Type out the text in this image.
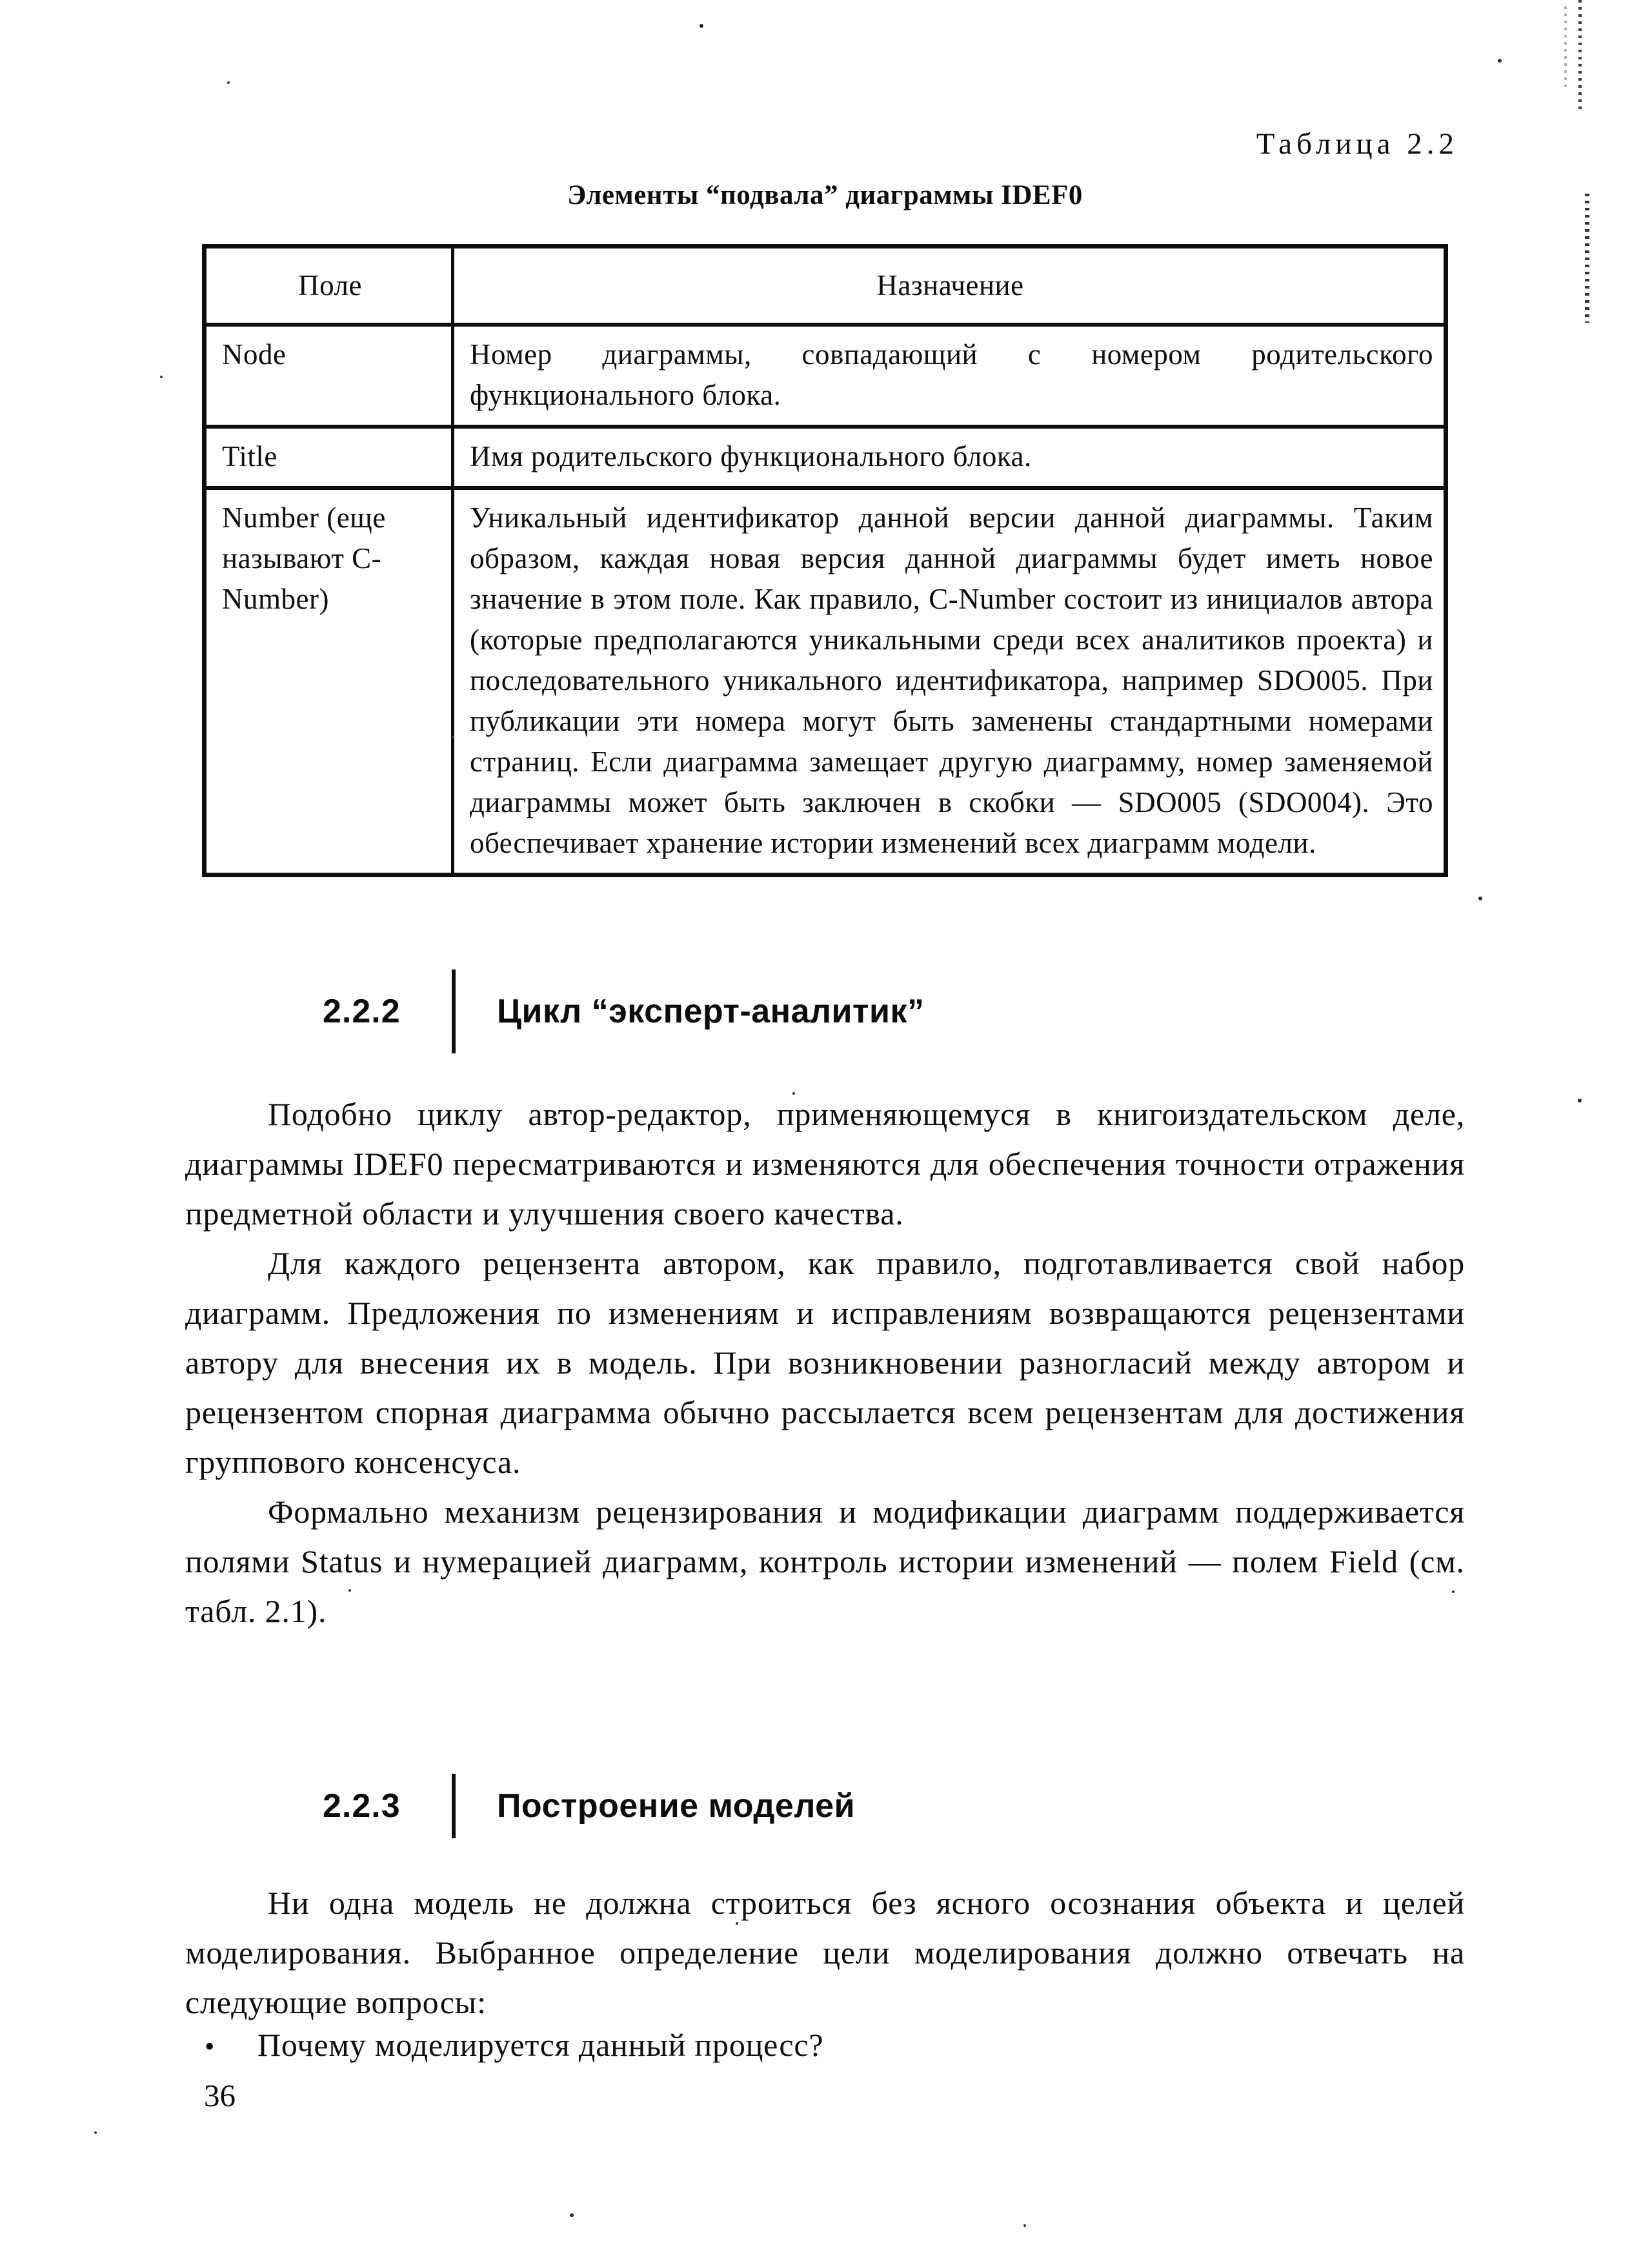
Таблица 2.2
Элементы “подвала” диаграммы IDEF0
Поле	Назначение
Node	Номер диаграммы, совпадающий с номером родительского функционального блока.
Title	Имя родительского функционального блока.
Number (еще называют C-Number)	Уникальный идентификатор данной версии данной диаграммы. Таким образом, каждая новая версия данной диаграммы будет иметь новое значение в этом поле. Как правило, C-Number состоит из инициалов автора (которые предполагаются уникальными среди всех аналитиков проекта) и последовательного уникального идентификатора, например SDO005. При публикации эти номера могут быть заменены стандартными номерами страниц. Если диаграмма замещает другую диаграмму, номер заменяемой диаграммы может быть заключен в скобки — SDO005 (SDO004). Это обеспечивает хранение истории изменений всех диаграмм модели.
2.2.2	Цикл “эксперт-аналитик”

Подобно циклу автор-редактор, применяющемуся в книгоиздательском деле, диаграммы IDEF0 пересматриваются и изменяются для обеспечения точности отражения предметной области и улучшения своего качества.

Для каждого рецензента автором, как правило, подготавливается свой набор диаграмм. Предложения по изменениям и исправлениям возвращаются рецензентами автору для внесения их в модель. При возникновении разногласий между автором и рецензентом спорная диаграмма обычно рассылается всем рецензентам для достижения группового консенсуса.

Формально механизм рецензирования и модификации диаграмм поддерживается полями Status и нумерацией диаграмм, контроль истории изменений — полем Field (см. табл. 2.1).

2.2.3	Построение моделей

Ни одна модель не должна строиться без ясного осознания объекта и целей моделирования. Выбранное определение цели моделирования должно отвечать на следующие вопросы:

• Почему моделируется данный процесс?
36
